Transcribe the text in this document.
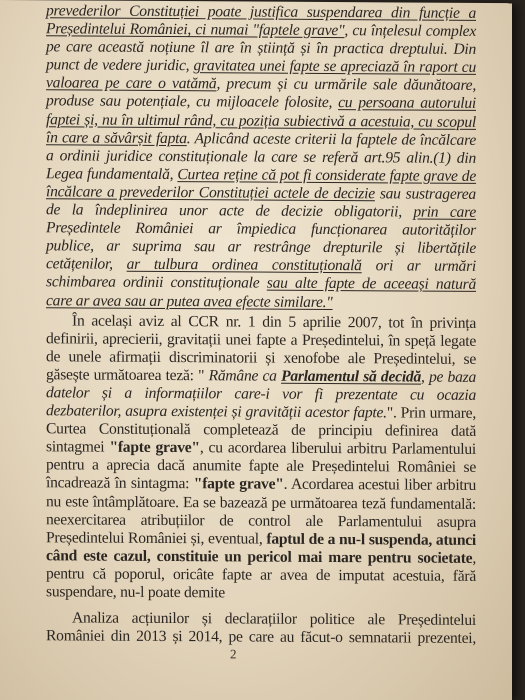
prevederilor Constituției poate justifica suspendarea din funcție a
Președintelui României, ci numai "faptele grave", cu înțelesul complex
pe care această noțiune îl are în știință și în practica dreptului. Din
punct de vedere juridic, gravitatea unei fapte se apreciază în raport cu
valoarea pe care o vatămă, precum și cu urmările sale dăunătoare,
produse sau potențiale, cu mijloacele folosite, cu persoana autorului
faptei și, nu în ultimul rând, cu poziția subiectivă a acestuia, cu scopul
în care a săvârșit fapta. Aplicând aceste criterii la faptele de încălcare
a ordinii juridice constituționale la care se referă art.95 alin.(1) din
Legea fundamentală, Curtea reține că pot fi considerate fapte grave de
încălcare a prevederilor Constituției actele de decizie sau sustragerea
de la îndeplinirea unor acte de decizie obligatorii, prin care
Președintele României ar împiedica funcționarea autorităților
publice, ar suprima sau ar restrânge drepturile și libertățile
cetățenilor, ar tulbura ordinea constituțională ori ar urmări
schimbarea ordinii constituționale sau alte fapte de aceeași natură
care ar avea sau ar putea avea efecte similare."
În același aviz al CCR nr. 1 din 5 aprilie 2007, tot în privința
definirii, aprecierii, gravitații unei fapte a Președintelui, în speță legate
de unele afirmații discriminatorii și xenofobe ale Președintelui, se
găsește următoarea teză: " Rămâne ca Parlamentul să decidă, pe baza
datelor și a informațiilor care-i vor fi prezentate cu ocazia
dezbaterilor, asupra existenței și gravității acestor fapte.". Prin urmare,
Curtea Constituțională completează de principiu definirea dată
sintagmei "fapte grave", cu acordarea liberului arbitru Parlamentului
pentru a aprecia dacă anumite fapte ale Președintelui României se
încadrează în sintagma: "fapte grave". Acordarea acestui liber arbitru
nu este întâmplătoare. Ea se bazează pe următoarea teză fundamentală:
neexercitarea atribuțiilor de control ale Parlamentului asupra
Președintelui României și, eventual, faptul de a nu-l suspenda, atunci
când este cazul, constituie un pericol mai mare pentru societate,
pentru că poporul, oricâte fapte ar avea de imputat acestuia, fără
suspendare, nu-l poate demite
Analiza acțiunilor și declarațiilor politice ale Președintelui
României din 2013 și 2014, pe care au făcut-o semnatarii prezentei,
2
